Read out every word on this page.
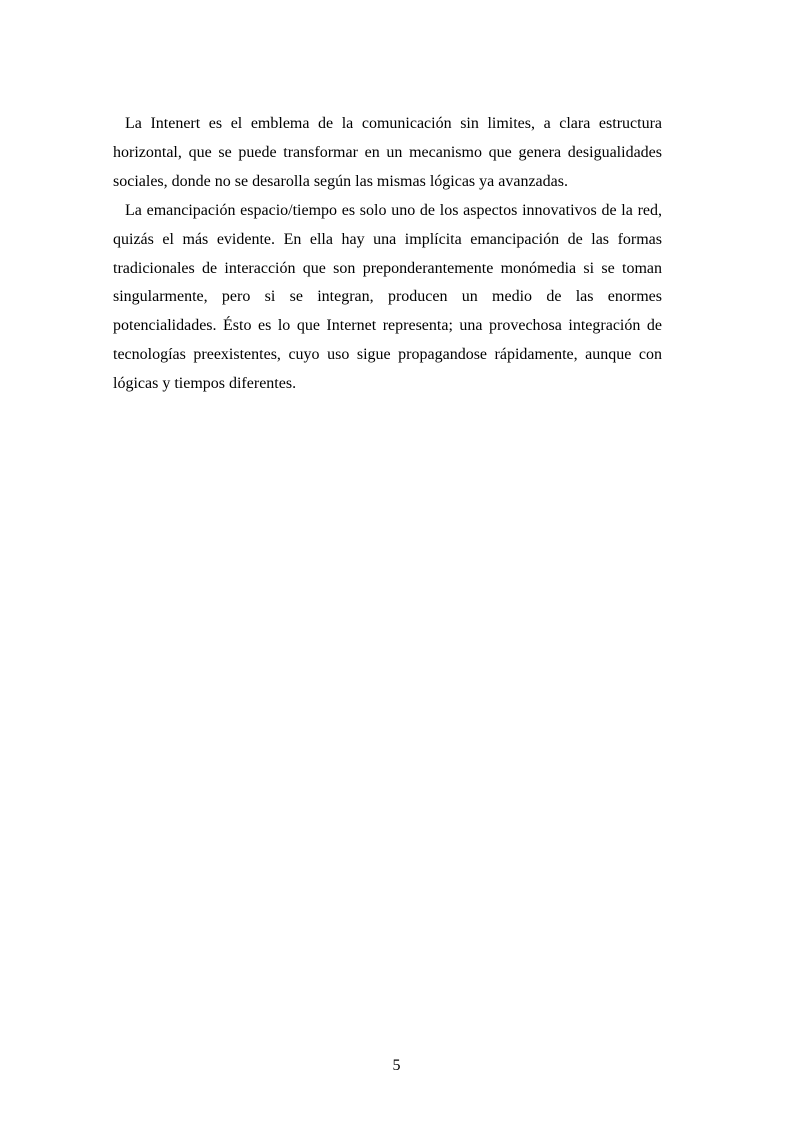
La Intenert es el emblema de la comunicación sin limites, a clara estructura horizontal, que se puede transformar en un mecanismo que genera desigualidades sociales, donde no se desarolla según las mismas lógicas ya avanzadas.

La emancipación espacio/tiempo es solo uno de los aspectos innovativos de la red, quizás el más evidente. En ella hay una implícita emancipación de las formas tradicionales de interacción que son preponderantemente monómedia si se toman singularmente, pero si se integran, producen un medio de las enormes potencialidades. Ésto es lo que Internet representa; una provechosa integración de tecnologías preexistentes, cuyo uso sigue propagandose rápidamente, aunque con lógicas y tiempos diferentes.

5
